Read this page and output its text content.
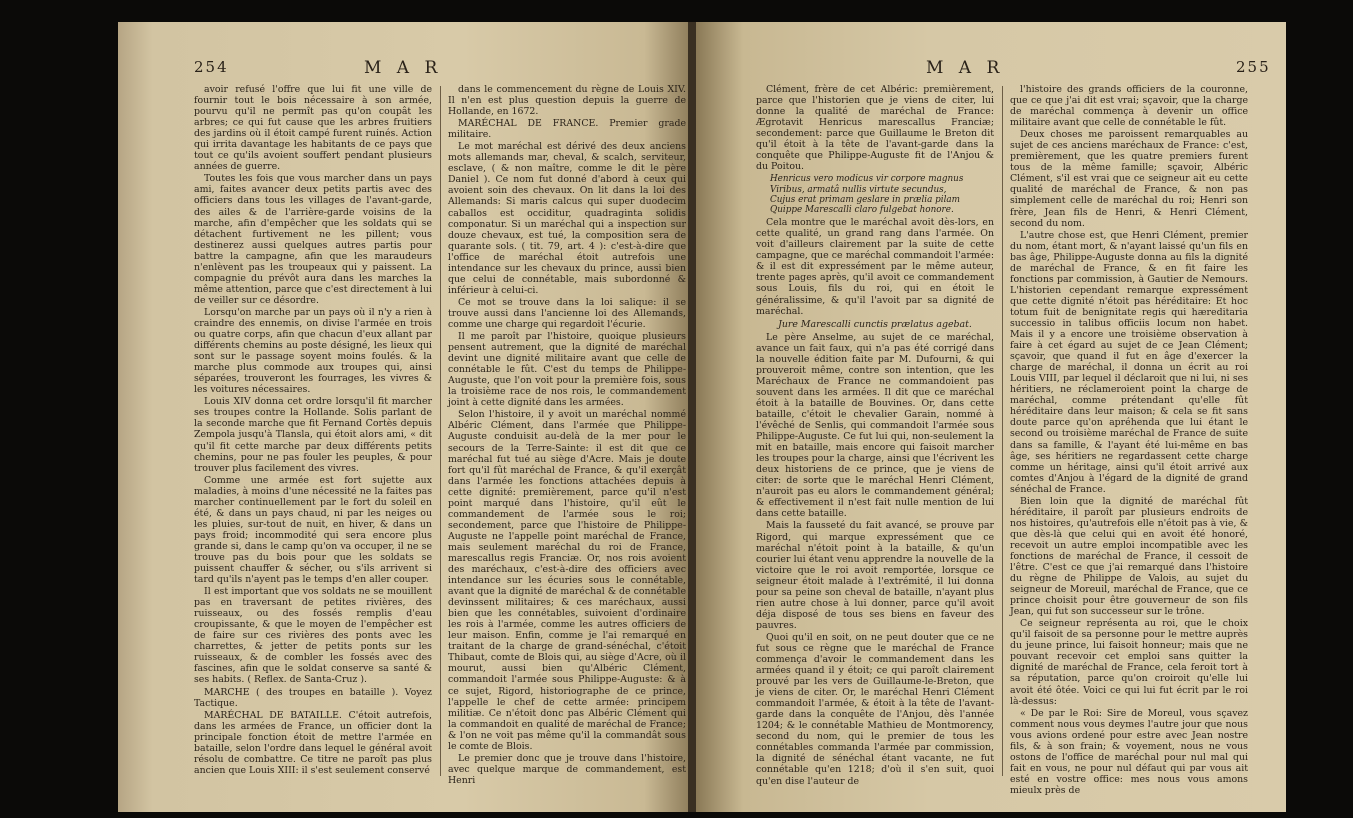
254	M A R

avoir refusé l'offre que lui fit une ville de fournir tout le bois nécessaire à son armée, pourvu qu'il ne permît pas qu'on coupât les arbres; ce qui fut cause que les arbres fruitiers des jardins où il étoit campé furent ruinés. Action qui irrita davantage les habitants de ce pays que tout ce qu'ils avoient souffert pendant plusieurs années de guerre.

Toutes les fois que vous marcher dans un pays ami, faites avancer deux petits partis avec des officiers dans tous les villages de l'avant-garde, des ailes & de l'arrière-garde voisins de la marche, afin d'empêcher que les soldats qui se détachent furtivement ne les pillent; vous destinerez aussi quelques autres partis pour battre la campagne, afin que les maraudeurs n'enlèvent pas les troupeaux qui y paissent. La compagnie du prévôt aura dans les marches la même attention, parce que c'est directement à lui de veiller sur ce désordre.

Lorsqu'on marche par un pays où il n'y a rien à craindre des ennemis, on divise l'armée en trois ou quatre corps, afin que chacun d'eux allant par différents chemins au poste désigné, les lieux qui sont sur le passage soyent moins foulés. & la marche plus commode aux troupes qui, ainsi séparées, trouveront les fourrages, les vivres & les voitures nécessaires.

Louis XIV donna cet ordre lorsqu'il fit marcher ses troupes contre la Hollande. Solis parlant de la seconde marche que fit Fernand Cortès depuis Zempola jusqu'à Tlansla, qui étoit alors ami, « dit qu'il fit cette marche par deux différents petits chemins, pour ne pas fouler les peuples, & pour trouver plus facilement des vivres.

Comme une armée est fort sujette aux maladies, à moins d'une nécessité ne la faites pas marcher continuellement par le fort du soleil en été, & dans un pays chaud, ni par les neiges ou les pluies, sur-tout de nuit, en hiver, & dans un pays froid; incommodité qui sera encore plus grande si, dans le camp qu'on va occuper, il ne se trouve pas du bois pour que les soldats se puissent chauffer & sécher, ou s'ils arrivent si tard qu'ils n'ayent pas le temps d'en aller couper.

Il est important que vos soldats ne se mouillent pas en traversant de petites rivières, des ruisseaux, ou des fossés remplis d'eau croupissante, & que le moyen de l'empêcher est de faire sur ces rivières des ponts avec les charrettes, & jetter de petits ponts sur les ruisseaux, & de combler les fossés avec des fascines, afin que le soldat conserve sa santé & ses habits. ( Reflex. de Santa-Cruz ).

MARCHE ( des troupes en bataille ). Voyez Tactique.

MARÉCHAL DE BATAILLE. C'étoit autrefois, dans les armées de France, un officier dont la principale fonction étoit de mettre l'armée en bataille, selon l'ordre dans lequel le général avoit résolu de combattre. Ce titre ne paroît pas plus ancien que Louis XIII: il s'est seulement conservé

dans le commencement du règne de Louis XIV. Il n'en est plus question depuis la guerre de Hollande, en 1672.

MARÉCHAL DE FRANCE. Premier grade militaire.

Le mot maréchal est dérivé des deux anciens mots allemands mar, cheval, & scalch, serviteur, esclave, ( & non maître, comme le dit le père Daniel ). Ce nom fut donné d'abord à ceux qui avoient soin des chevaux. On lit dans la loi des Allemands: Si maris calcus qui super duodecim caballos est occiditur, quadraginta solidis componatur. Si un maréchal qui a inspection sur douze chevaux, est tué, la composition sera de quarante sols. ( tit. 79, art. 4 ): c'est-à-dire que l'office de maréchal étoit autrefois une intendance sur les chevaux du prince, aussi bien que celui de connétable, mais subordonné & inférieur à celui-ci.

Ce mot se trouve dans la loi salique: il se trouve aussi dans l'ancienne loi des Allemands, comme une charge qui regardoit l'écurie.

Il me paroît par l'histoire, quoique plusieurs pensent autrement, que la dignité de maréchal devint une dignité militaire avant que celle de connétable le fût. C'est du temps de Philippe-Auguste, que l'on voit pour la première fois, sous la troisième race de nos rois, le commandement joint à cette dignité dans les armées.

Selon l'histoire, il y avoit un maréchal nommé Albéric Clément, dans l'armée que Philippe-Auguste conduisit au-delà de la mer pour le secours de la Terre-Sainte: il est dit que ce maréchal fut tué au siège d'Acre. Mais je doute fort qu'il fût maréchal de France, & qu'il exerçât dans l'armée les fonctions attachées depuis à cette dignité: premièrement, parce qu'il n'est point marqué dans l'histoire, qu'il eût le commandement de l'armée sous le roi; secondement, parce que l'histoire de Philippe-Auguste ne l'appelle point maréchal de France, mais seulement maréchal du roi de France, marescallus regis Franciæ. Or, nos rois avoient des maréchaux, c'est-à-dire des officiers avec intendance sur les écuries sous le connétable, avant que la dignité de maréchal & de connétable devinssent militaires; & ces maréchaux, aussi bien que les connétables, suivoient d'ordinaire les rois à l'armée, comme les autres officiers de leur maison. Enfin, comme je l'ai remarqué en traitant de la charge de grand-sénéchal, c'étoit Thibaut, comte de Blois qui, au siège d'Acre, où il mourut, aussi bien qu'Albéric Clément, commandoit l'armée sous Philippe-Auguste: & à ce sujet, Rigord, historiographe de ce prince, l'appelle le chef de cette armée: principem militiæ. Ce n'étoit donc pas Albéric Clément qui la commandoit en qualité de maréchal de France; & l'on ne voit pas même qu'il la commandât sous le comte de Blois.

Le premier donc que je trouve dans l'histoire, avec quelque marque de commandement, est Henri

M A R	255

Clément, frère de cet Albéric: premièrement, parce que l'historien que je viens de citer, lui donne la qualité de maréchal de France: Ægrotavit Henricus marescallus Franciæ; secondement: parce que Guillaume le Breton dit qu'il étoit à la tête de l'avant-garde dans la conquête que Philippe-Auguste fit de l'Anjou & du Poitou.

Henricus vero modicus vir corpore magnus
Viribus, armatâ nullis virtute secundus,
Cujus erat primam geslare in prælia pilam
Quippe Marescalli claro fulgebat honore.

Cela montre que le maréchal avoit dès-lors, en cette qualité, un grand rang dans l'armée. On voit d'ailleurs clairement par la suite de cette campagne, que ce maréchal commandoit l'armée: & il est dit expressément par le même auteur, trente pages après, qu'il avoit ce commandement sous Louis, fils du roi, qui en étoit le généralissime, & qu'il l'avoit par sa dignité de maréchal.

Jure Marescalli cunctis prælatus agebat.

Le père Anselme, au sujet de ce maréchal, avance un fait faux, qui n'a pas été corrigé dans la nouvelle édition faite par M. Dufourni, & qui prouveroit même, contre son intention, que les Maréchaux de France ne commandoient pas souvent dans les armées. Il dit que ce maréchal étoit à la bataille de Bouvines. Or, dans cette bataille, c'étoit le chevalier Garain, nommé à l'évêché de Senlis, qui commandoit l'armée sous Philippe-Auguste. Ce fut lui qui, non-seulement la mit en bataille, mais encore qui faisoit marcher les troupes pour la charge, ainsi que l'écrivent les deux historiens de ce prince, que je viens de citer: de sorte que le maréchal Henri Clément, n'auroit pas eu alors le commandement général; & effectivement il n'est fait nulle mention de lui dans cette bataille.

Mais la fausseté du fait avancé, se prouve par Rigord, qui marque expressément que ce maréchal n'étoit point à la bataille, & qu'un courier lui étant venu apprendre la nouvelle de la victoire que le roi avoit remportée, lorsque ce seigneur étoit malade à l'extrémité, il lui donna pour sa peine son cheval de bataille, n'ayant plus rien autre chose à lui donner, parce qu'il avoit déja disposé de tous ses biens en faveur des pauvres.

Quoi qu'il en soit, on ne peut douter que ce ne fut sous ce règne que le maréchal de France commença d'avoir le commandement dans les armées quand il y étoit; ce qui paroît clairement prouvé par les vers de Guillaume-le-Breton, que je viens de citer. Or, le maréchal Henri Clément commandoit l'armée, & étoit à la tête de l'avant-garde dans la conquête de l'Anjou, dès l'année 1204; & le connétable Mathieu de Montmorency, second du nom, qui le premier de tous les connétables commanda l'armée par commission, la dignité de sénéchal étant vacante, ne fut connétable qu'en 1218; d'où il s'en suit, quoi qu'en dise l'auteur de

l'histoire des grands officiers de la couronne, que ce que j'ai dit est vrai; sçavoir, que la charge de maréchal commença à devenir un office militaire avant que celle de connétable le fût.

Deux choses me paroissent remarquables au sujet de ces anciens maréchaux de France: c'est, premièrement, que les quatre premiers furent tous de la même famille; sçavoir, Albéric Clément, s'il est vrai que ce seigneur ait eu cette qualité de maréchal de France, & non pas simplement celle de maréchal du roi; Henri son frère, Jean fils de Henri, & Henri Clément, second du nom.

L'autre chose est, que Henri Clément, premier du nom, étant mort, & n'ayant laissé qu'un fils en bas âge, Philippe-Auguste donna au fils la dignité de maréchal de France, & en fit faire les fonctions par commission, à Gautier de Nemours. L'historien cependant remarque expressément que cette dignité n'étoit pas héréditaire: Et hoc totum fuit de benignitate regis qui hæreditaria successio in talibus officiis locum non habet. Mais il y a encore une troisième observation à faire à cet égard au sujet de ce Jean Clément; sçavoir, que quand il fut en âge d'exercer la charge de maréchal, il donna un écrit au roi Louis VIII, par lequel il déclaroit que ni lui, ni ses héritiers, ne réclameroient point la charge de maréchal, comme prétendant qu'elle fût héréditaire dans leur maison; & cela se fit sans doute parce qu'on apréhenda que lui étant le second ou troisième maréchal de France de suite dans sa famille, & l'ayant été lui-même en bas âge, ses héritiers ne regardassent cette charge comme un héritage, ainsi qu'il étoit arrivé aux comtes d'Anjou à l'égard de la dignité de grand sénéchal de France.

Bien loin que la dignité de maréchal fût héréditaire, il paroît par plusieurs endroits de nos histoires, qu'autrefois elle n'étoit pas à vie, & que dès-là que celui qui en avoit été honoré, recevoit un autre emploi incompatible avec les fonctions de maréchal de France, il cessoit de l'être. C'est ce que j'ai remarqué dans l'histoire du règne de Philippe de Valois, au sujet du seigneur de Moreuil, maréchal de France, que ce prince choisit pour être gouverneur de son fils Jean, qui fut son successeur sur le trône.

Ce seigneur représenta au roi, que le choix qu'il faisoit de sa personne pour le mettre auprès du jeune prince, lui faisoit honneur; mais que ne pouvant recevoir cet emploi sans quitter la dignité de maréchal de France, cela feroit tort à sa réputation, parce qu'on croiroit qu'elle lui avoit été ôtée. Voici ce qui lui fut écrit par le roi là-dessus:

« De par le Roi: Sire de Moreul, vous sçavez comment nous vous deymes l'autre jour que nous vous avions ordené pour estre avec Jean nostre fils, & à son frain; & voyement, nous ne vous ostons de l'office de maréchal pour nul mal qui fait en vous, ne pour nul défaut qui par vous ait esté en vostre office: mes nous vous amons mieulx près de
